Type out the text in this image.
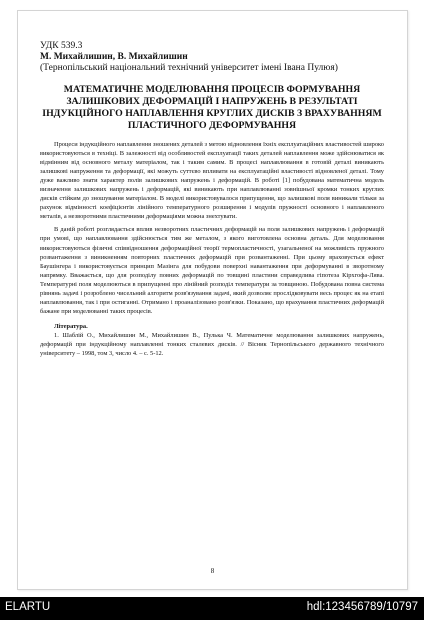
УДК 539.3
М. Михайлишин, В. Михайлишин
(Тернопільський національний технічний університет імені Івана Пулюя)
МАТЕМАТИЧНЕ МОДЕЛЮВАННЯ ПРОЦЕСІВ ФОРМУВАННЯ ЗАЛИШКОВИХ ДЕФОРМАЦІЙ І НАПРУЖЕНЬ В РЕЗУЛЬТАТІ ІНДУКЦІЙНОГО НАПЛАВЛЕННЯ КРУГЛИХ ДИСКІВ З ВРАХУВАННЯМ ПЛАСТИЧНОГО ДЕФОРМУВАННЯ
Процеси індукційного наплавлення зношених деталей з метою відновлення їхніх експлуатаційних властивостей широко використовуються в техніці. В залежності від особливостей експлуатації таких деталей наплавлення може здійснюватися як відмінним від основного металу матеріалом, так і таким самим. В процесі наплавлювання в готовій деталі виникають залишкові напруження та деформації, які можуть суттєво впливати на експлуатаційні властивості відновленої деталі. Тому дуже важливо знати характер полів залишкових напружень і деформацій. В роботі [1] побудована математична модель визначення залишкових напружень і деформацій, які виникають при наплавлюванні зовнішньої кромки тонких круглих дисків стійким до зношування матеріалом. В моделі використовувалося припущення, що залишкові поля виникали тільки за рахунок відмінності коефіцієнтів лінійного температурного розширення і модулів пружності основного і наплавленого металів, а незворотними пластичними деформаціями можна знехтувати.
В даній роботі розглядається вплив незворотних пластичних деформацій на поля залишкових напружень і деформацій при умові, що наплавлювання здійснюється тим же металом, з якого виготовлена основна деталь. Для моделювання використовуються фізичні співвідношення деформаційної теорії термопластичності, узагальненої на можливість пружного розвантаження з виникненням повторних пластичних деформацій при розвантаженні. При цьому враховується ефект Баушінгера і використовується принцип Мазінга для побудови поверхні навантаження при деформуванні в зворотному напрямку. Вважається, що для розподілу повних деформацій по товщині пластини справедлива гіпотеза Кірхгофа-Лява. Температурні поля моделюються в припущенні про лінійний розподіл температури за товщиною. Побудована повна система рівнянь задачі і розроблено чисельний алгоритм розв'язування задачі, який дозволяє прослідковувати весь процес як на етапі наплавлювання, так і при остиганні. Отримано і проаналізовано розв'язки. Показано, що врахування пластичних деформацій бажане при моделюванні таких процесів.
Література.
1. Шаблій О., Михайлишин М., Михайлишин В., Пулька Ч. Математичне моделювання залишкових напружень, деформацій при індукційному наплавленні тонких сталевих дисків. // Вісник Тернопільського державного технічного університету – 1998, том 3, число 4. – с. 5-12.
8
ELARTU	hdl:123456789/10797
